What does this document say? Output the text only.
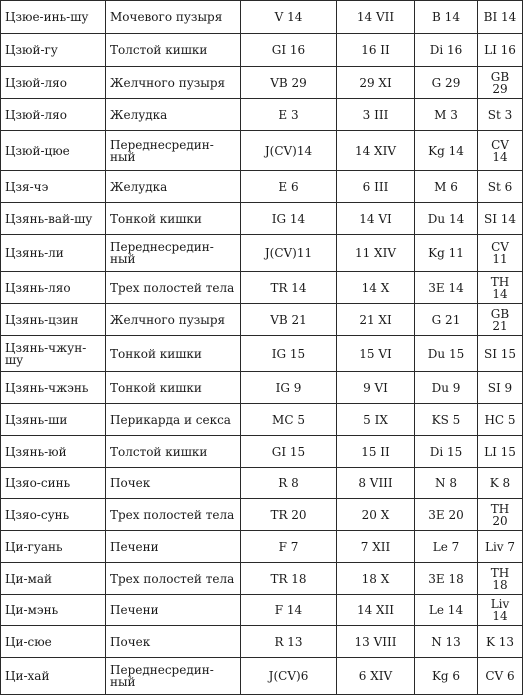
Цзюе-инь-шу	Мочевого пузыря	V 14	14 VII	B 14	BI 14
Цзюй-гу	Толстой кишки	GI 16	16 II	Di 16	LI 16
Цзюй-ляо	Желчного пузыря	VB 29	29 XI	G 29	GB 29
Цзюй-ляо	Желудка	E 3	3 III	M 3	St 3
Цзюй-цюе	Переднесредин-ный	J(CV)14	14 XIV	Kg 14	CV 14
Цзя-чэ	Желудка	E 6	6 III	M 6	St 6
Цзянь-вай-шу	Тонкой кишки	IG 14	14 VI	Du 14	SI 14
Цзянь-ли	Переднесредин-ный	J(CV)11	11 XIV	Kg 11	CV 11
Цзянь-ляо	Трех полостей тела	TR 14	14 X	3E 14	TH 14
Цзянь-цзин	Желчного пузыря	VB 21	21 XI	G 21	GB 21
Цзянь-чжун-шу	Тонкой кишки	IG 15	15 VI	Du 15	SI 15
Цзянь-чжэнь	Тонкой кишки	IG 9	9 VI	Du 9	SI 9
Цзянь-ши	Перикарда и секса	MC 5	5 IX	KS 5	HC 5
Цзянь-юй	Толстой кишки	GI 15	15 II	Di 15	LI 15
Цзяо-синь	Почек	R 8	8 VIII	N 8	K 8
Цзяо-сунь	Трех полостей тела	TR 20	20 X	3E 20	TH 20
Ци-гуань	Печени	F 7	7 XII	Le 7	Liv 7
Ци-май	Трех полостей тела	TR 18	18 X	3E 18	TH 18
Ци-мэнь	Печени	F 14	14 XII	Le 14	Liv 14
Ци-сюе	Почек	R 13	13 VIII	N 13	K 13
Ци-хай	Переднесредин-ный	J(CV)6	6 XIV	Kg 6	CV 6
